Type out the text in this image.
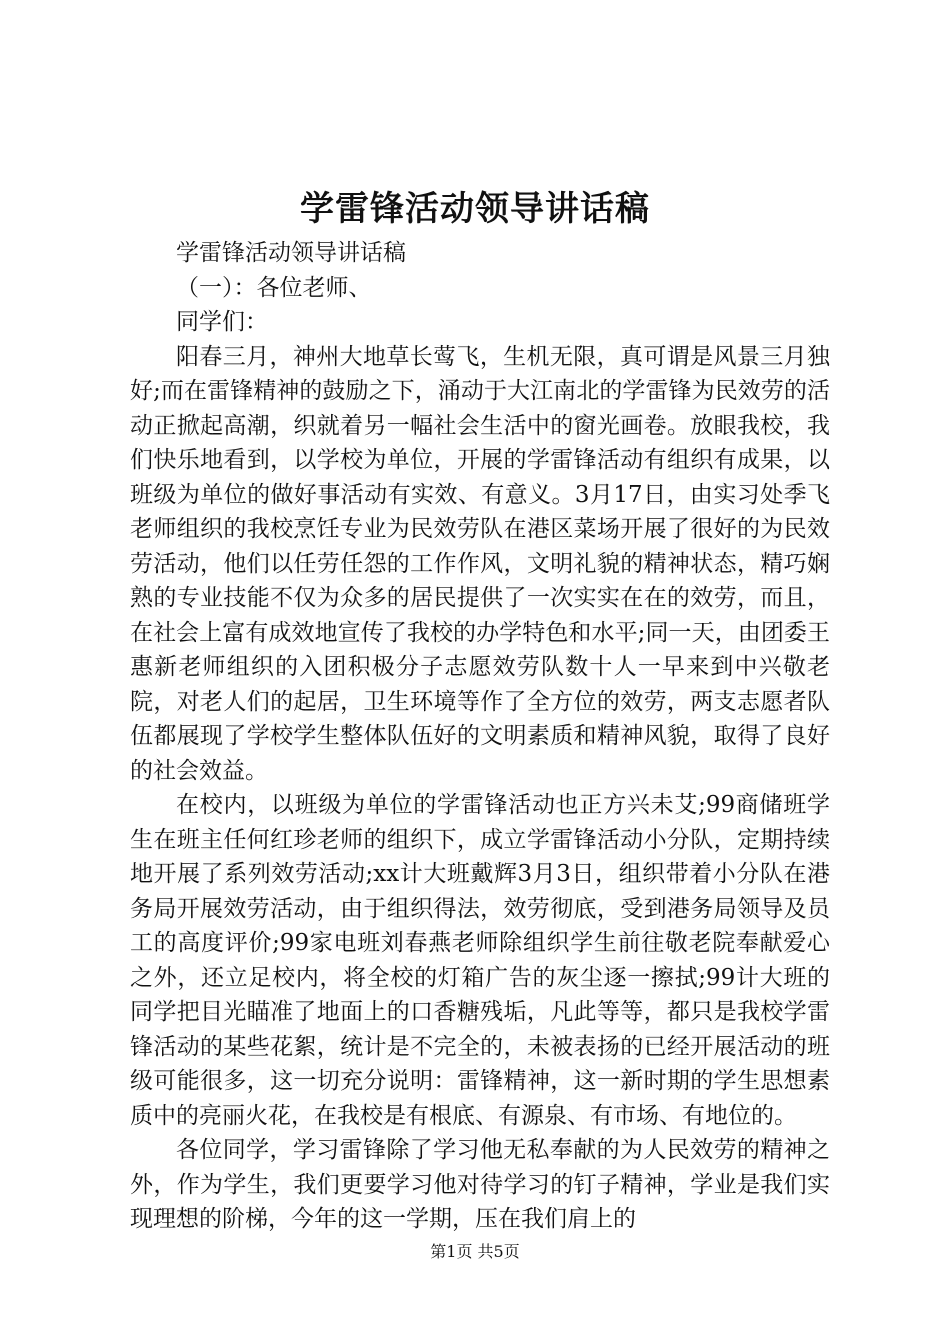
学雷锋活动领导讲话稿

学雷锋活动领导讲话稿

（一）：各位老师、

同学们：

阳春三月，神州大地草长莺飞，生机无限，真可谓是风景三月独好;而在雷锋精神的鼓励之下，涌动于大江南北的学雷锋为民效劳的活动正掀起高潮，织就着另一幅社会生活中的窗光画卷。放眼我校，我们快乐地看到，以学校为单位，开展的学雷锋活动有组织有成果，以班级为单位的做好事活动有实效、有意义。3月17日，由实习处季飞老师组织的我校烹饪专业为民效劳队在港区菜场开展了很好的为民效劳活动，他们以任劳任怨的工作作风，文明礼貌的精神状态，精巧娴熟的专业技能不仅为众多的居民提供了一次实实在在的效劳，而且，在社会上富有成效地宣传了我校的办学特色和水平;同一天，由团委王惠新老师组织的入团积极分子志愿效劳队数十人一早来到中兴敬老院，对老人们的起居，卫生环境等作了全方位的效劳，两支志愿者队伍都展现了学校学生整体队伍好的文明素质和精神风貌，取得了良好的社会效益。

在校内，以班级为单位的学雷锋活动也正方兴未艾;99商储班学生在班主任何红珍老师的组织下，成立学雷锋活动小分队，定期持续地开展了系列效劳活动;xx计大班戴辉3月3日，组织带着小分队在港务局开展效劳活动，由于组织得法，效劳彻底，受到港务局领导及员工的高度评价;99家电班刘春燕老师除组织学生前往敬老院奉献爱心之外，还立足校内，将全校的灯箱广告的灰尘逐一擦拭;99计大班的同学把目光瞄准了地面上的口香糖残垢，凡此等等，都只是我校学雷锋活动的某些花絮，统计是不完全的，未被表扬的已经开展活动的班级可能很多，这一切充分说明：雷锋精神，这一新时期的学生思想素质中的亮丽火花，在我校是有根底、有源泉、有市场、有地位的。

各位同学，学习雷锋除了学习他无私奉献的为人民效劳的精神之外，作为学生，我们更要学习他对待学习的钉子精神，学业是我们实现理想的阶梯，今年的这一学期，压在我们肩上的

第1页 共5页
